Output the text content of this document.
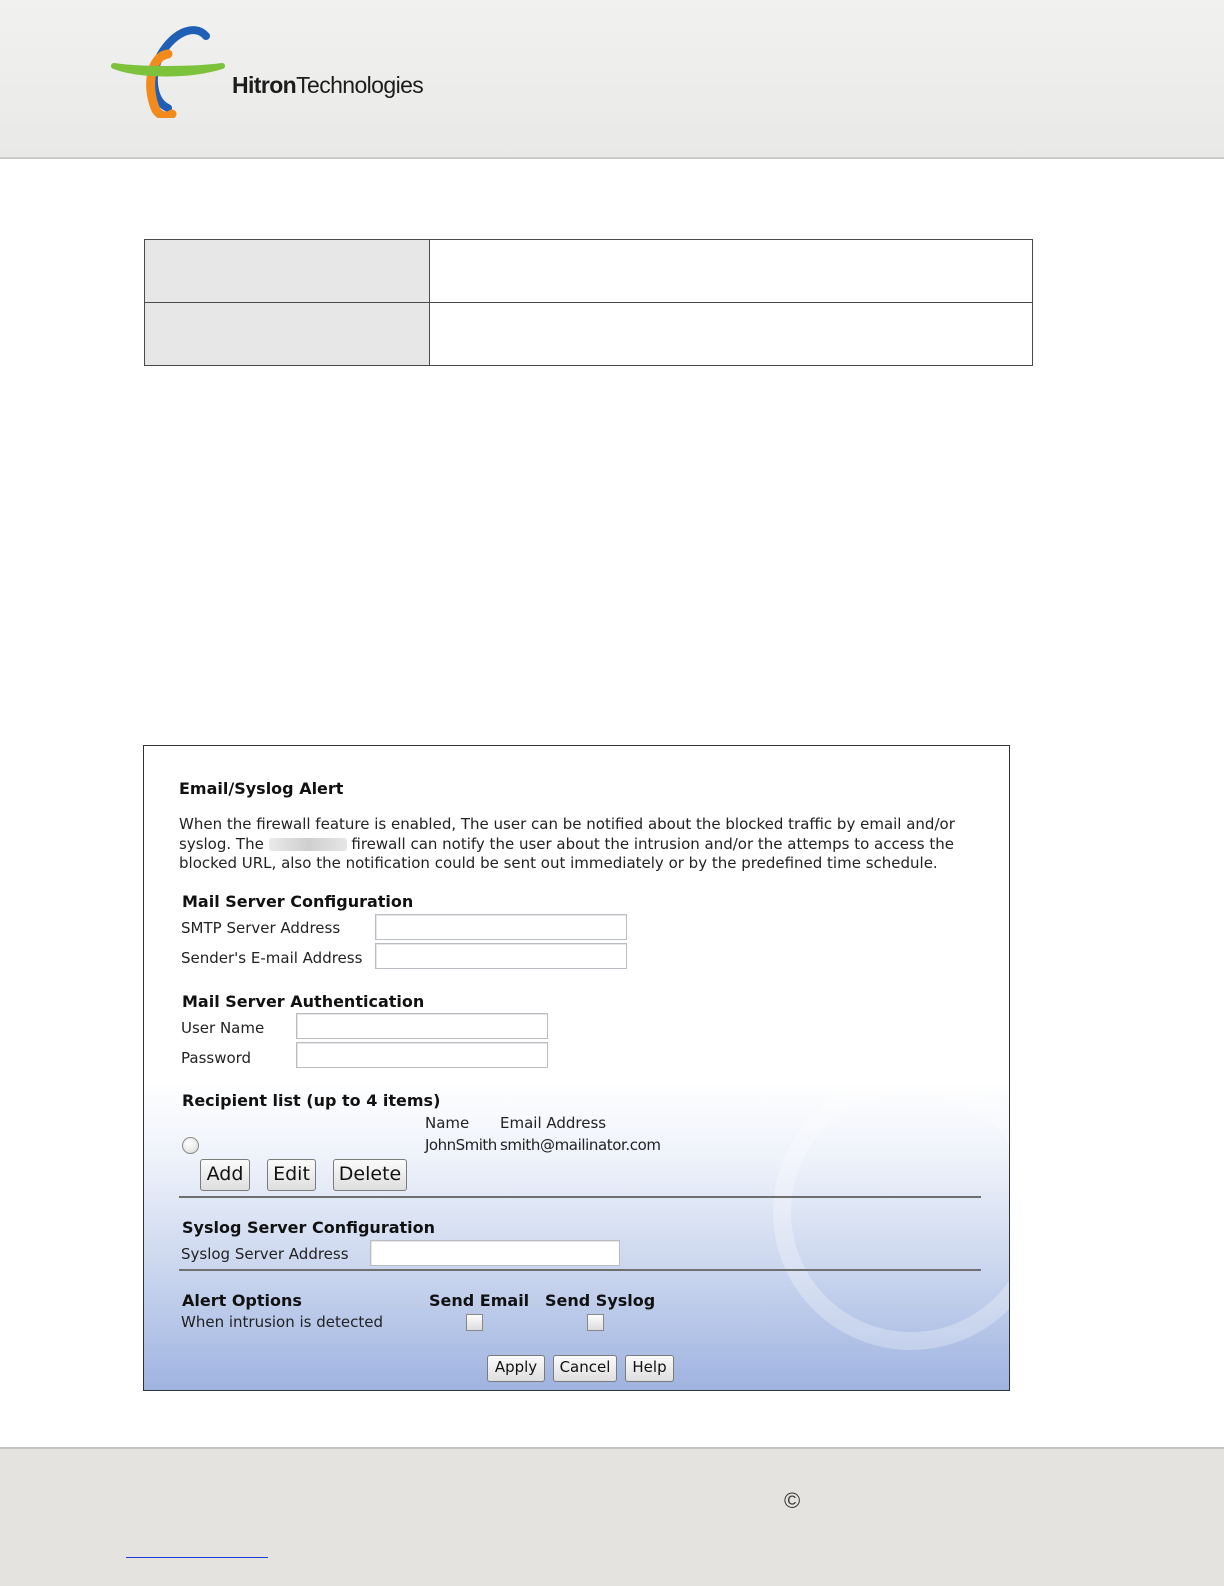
HitronTechnologies

Email/Syslog Alert
When the firewall feature is enabled, The user can be notified about the blocked traffic by email and/or syslog. The	firewall can notify the user about the intrusion and/or the attemps to access the blocked URL, also the notification could be sent out immediately or by the predefined time schedule.
Mail Server Configuration
SMTP Server Address
Sender's E-mail Address
Mail Server Authentication
User Name
Password
Recipient list (up to 4 items)
Name Email Address
JohnSmith smith@mailinator.com
Add	Edit	Delete
Syslog Server Configuration
Syslog Server Address
Alert Options	Send Email Send Syslog
When intrusion is detected
Apply	Cancel	Help
©
